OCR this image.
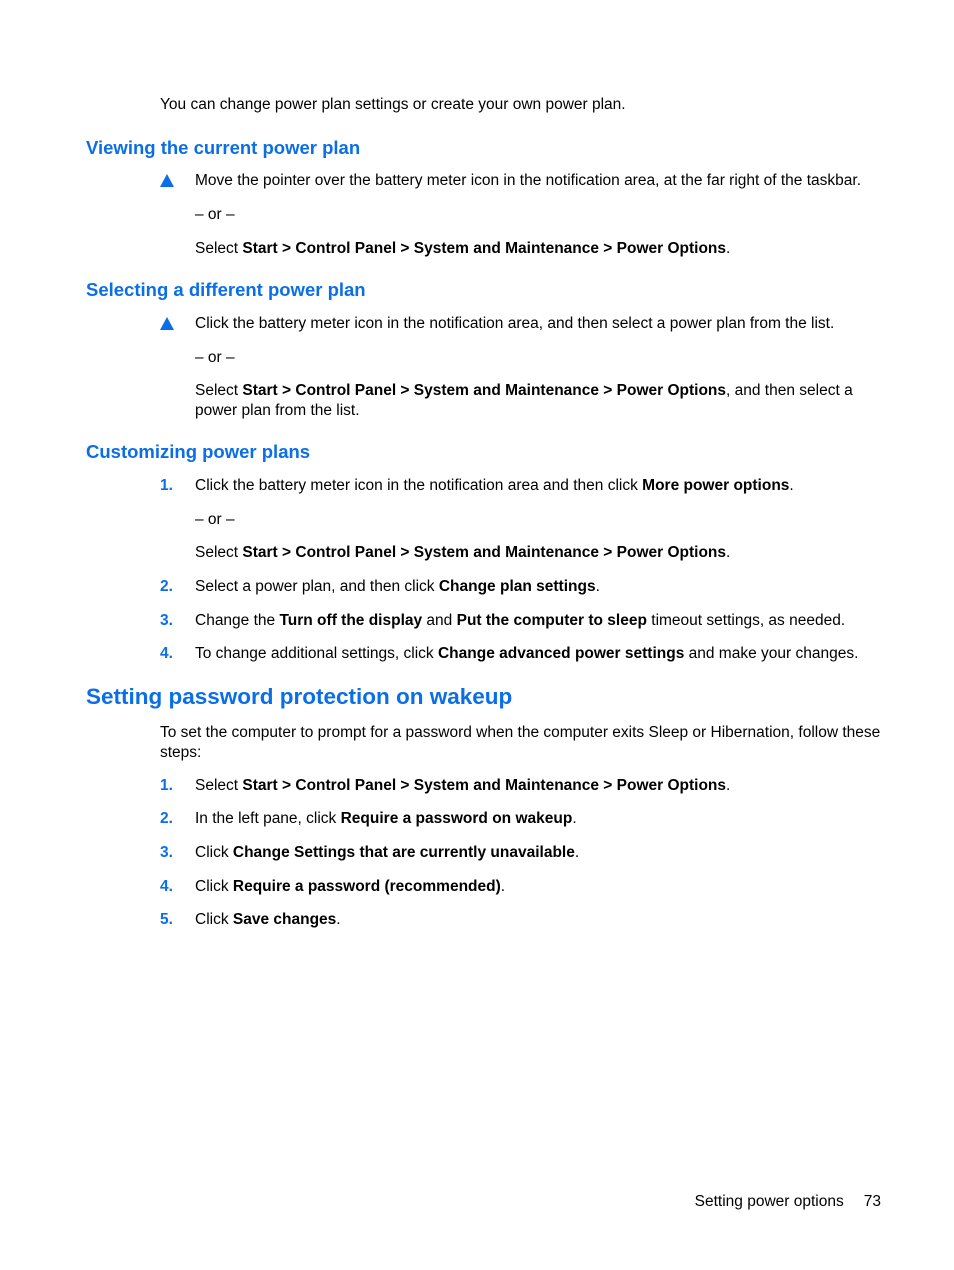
You can change power plan settings or create your own power plan.
Viewing the current power plan
Move the pointer over the battery meter icon in the notification area, at the far right of the taskbar.
– or –
Select Start > Control Panel > System and Maintenance > Power Options.
Selecting a different power plan
Click the battery meter icon in the notification area, and then select a power plan from the list.
– or –
Select Start > Control Panel > System and Maintenance > Power Options, and then select a power plan from the list.
Customizing power plans
1.	Click the battery meter icon in the notification area and then click More power options.
– or –
Select Start > Control Panel > System and Maintenance > Power Options.
2.	Select a power plan, and then click Change plan settings.
3.	Change the Turn off the display and Put the computer to sleep timeout settings, as needed.
4.	To change additional settings, click Change advanced power settings and make your changes.
Setting password protection on wakeup
To set the computer to prompt for a password when the computer exits Sleep or Hibernation, follow these steps:
1.	Select Start > Control Panel > System and Maintenance > Power Options.
2.	In the left pane, click Require a password on wakeup.
3.	Click Change Settings that are currently unavailable.
4.	Click Require a password (recommended).
5.	Click Save changes.
Setting power options 73
